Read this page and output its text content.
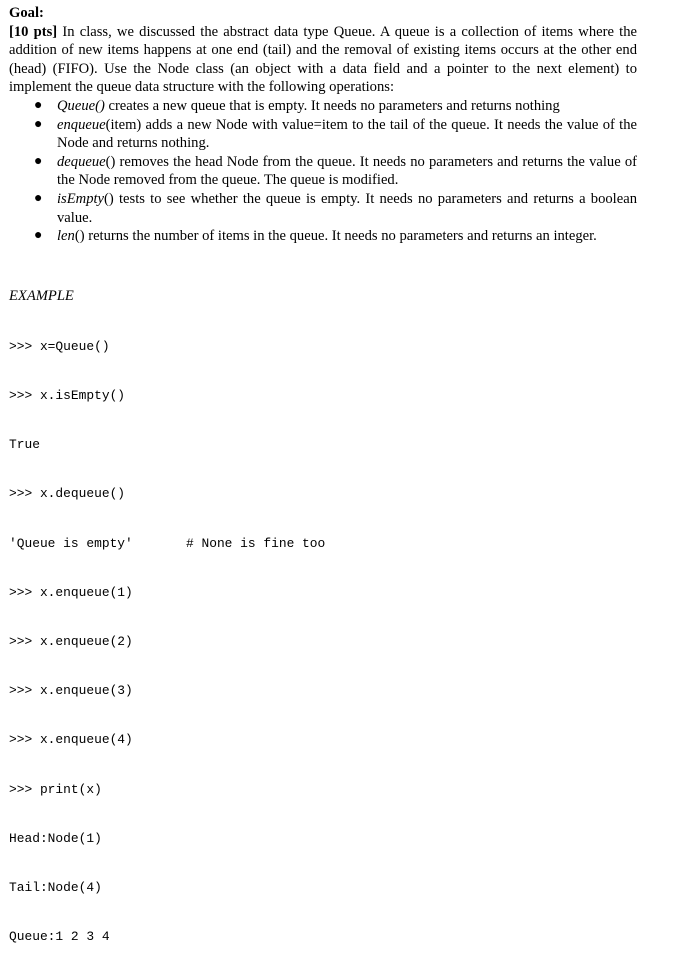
Goal:

[10 pts] In class, we discussed the abstract data type Queue. A queue is a collection of items where the addition of new items happens at one end (tail) and the removal of existing items occurs at the other end (head) (FIFO). Use the Node class (an object with a data field and a pointer to the next element) to implement the queue data structure with the following operations:

● Queue() creates a new queue that is empty. It needs no parameters and returns nothing
● enqueue(item) adds a new Node with value=item to the tail of the queue. It needs the value of the Node and returns nothing.
● dequeue() removes the head Node from the queue. It needs no parameters and returns the value of the Node removed from the queue. The queue is modified.
● isEmpty() tests to see whether the queue is empty. It needs no parameters and returns a boolean value.
● len() returns the number of items in the queue. It needs no parameters and returns an integer.

EXAMPLE

>>> x=Queue()

>>> x.isEmpty()

True

>>> x.dequeue()

'Queue is empty'	# None is fine too

>>> x.enqueue(1)

>>> x.enqueue(2)

>>> x.enqueue(3)

>>> x.enqueue(4)

>>> print(x)

Head:Node(1)

Tail:Node(4)

Queue:1 2 3 4
